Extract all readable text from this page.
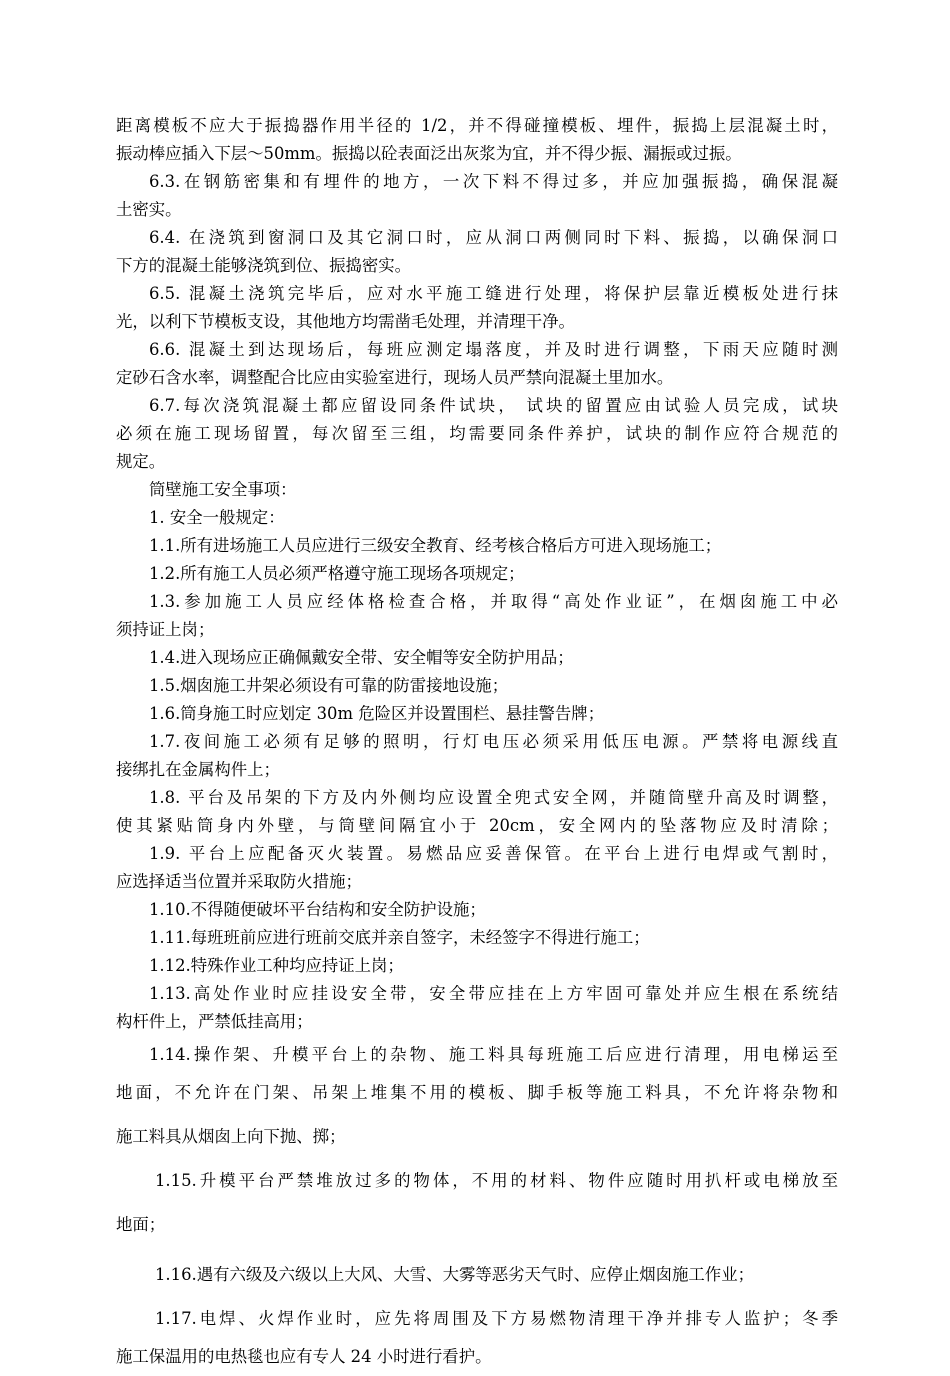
距离模板不应大于振捣器作用半径的 1/2，并不得碰撞模板、埋件，振捣上层混凝土时，
振动棒应插入下层～50mm。振捣以砼表面泛出灰浆为宜，并不得少振、漏振或过振。
6.3.在钢筋密集和有埋件的地方，一次下料不得过多，并应加强振捣，确保混凝
土密实。
6.4. 在浇筑到窗洞口及其它洞口时，应从洞口两侧同时下料、振捣，以确保洞口
下方的混凝土能够浇筑到位、振捣密实。
6.5. 混凝土浇筑完毕后，应对水平施工缝进行处理，将保护层靠近模板处进行抹
光，以利下节模板支设，其他地方均需凿毛处理，并清理干净。
6.6. 混凝土到达现场后，每班应测定塌落度，并及时进行调整，下雨天应随时测
定砂石含水率，调整配合比应由实验室进行，现场人员严禁向混凝土里加水。
6.7.每次浇筑混凝土都应留设同条件试块， 试块的留置应由试验人员完成，试块
必须在施工现场留置，每次留至三组，均需要同条件养护，试块的制作应符合规范的
规定。
筒壁施工安全事项：
1. 安全一般规定：
1.1.所有进场施工人员应进行三级安全教育、经考核合格后方可进入现场施工；
1.2.所有施工人员必须严格遵守施工现场各项规定；
1.3.参加施工人员应经体格检查合格，并取得“高处作业证”，在烟囱施工中必
须持证上岗；
1.4.进入现场应正确佩戴安全带、安全帽等安全防护用品；
1.5.烟囱施工井架必须设有可靠的防雷接地设施；
1.6.筒身施工时应划定 30m 危险区并设置围栏、悬挂警告牌；
1.7.夜间施工必须有足够的照明，行灯电压必须采用低压电源。严禁将电源线直
接绑扎在金属构件上；
1.8. 平台及吊架的下方及内外侧均应设置全兜式安全网，并随筒壁升高及时调整，
使其紧贴筒身内外壁，与筒壁间隔宜小于 20cm，安全网内的坠落物应及时清除；
1.9. 平台上应配备灭火装置。易燃品应妥善保管。在平台上进行电焊或气割时，
应选择适当位置并采取防火措施；
1.10.不得随便破坏平台结构和安全防护设施；
1.11.每班班前应进行班前交底并亲自签字，未经签字不得进行施工；
1.12.特殊作业工种均应持证上岗；
1.13.高处作业时应挂设安全带，安全带应挂在上方牢固可靠处并应生根在系统结
构杆件上，严禁低挂高用；
1.14.操作架、升模平台上的杂物、施工料具每班施工后应进行清理，用电梯运至
地面，不允许在门架、吊架上堆集不用的模板、脚手板等施工料具，不允许将杂物和
施工料具从烟囱上向下抛、掷；
1.15.升模平台严禁堆放过多的物体，不用的材料、物件应随时用扒杆或电梯放至
地面；
1.16.遇有六级及六级以上大风、大雪、大雾等恶劣天气时、应停止烟囱施工作业；
1.17.电焊、火焊作业时，应先将周围及下方易燃物清理干净并排专人监护；冬季
施工保温用的电热毯也应有专人 24 小时进行看护。
